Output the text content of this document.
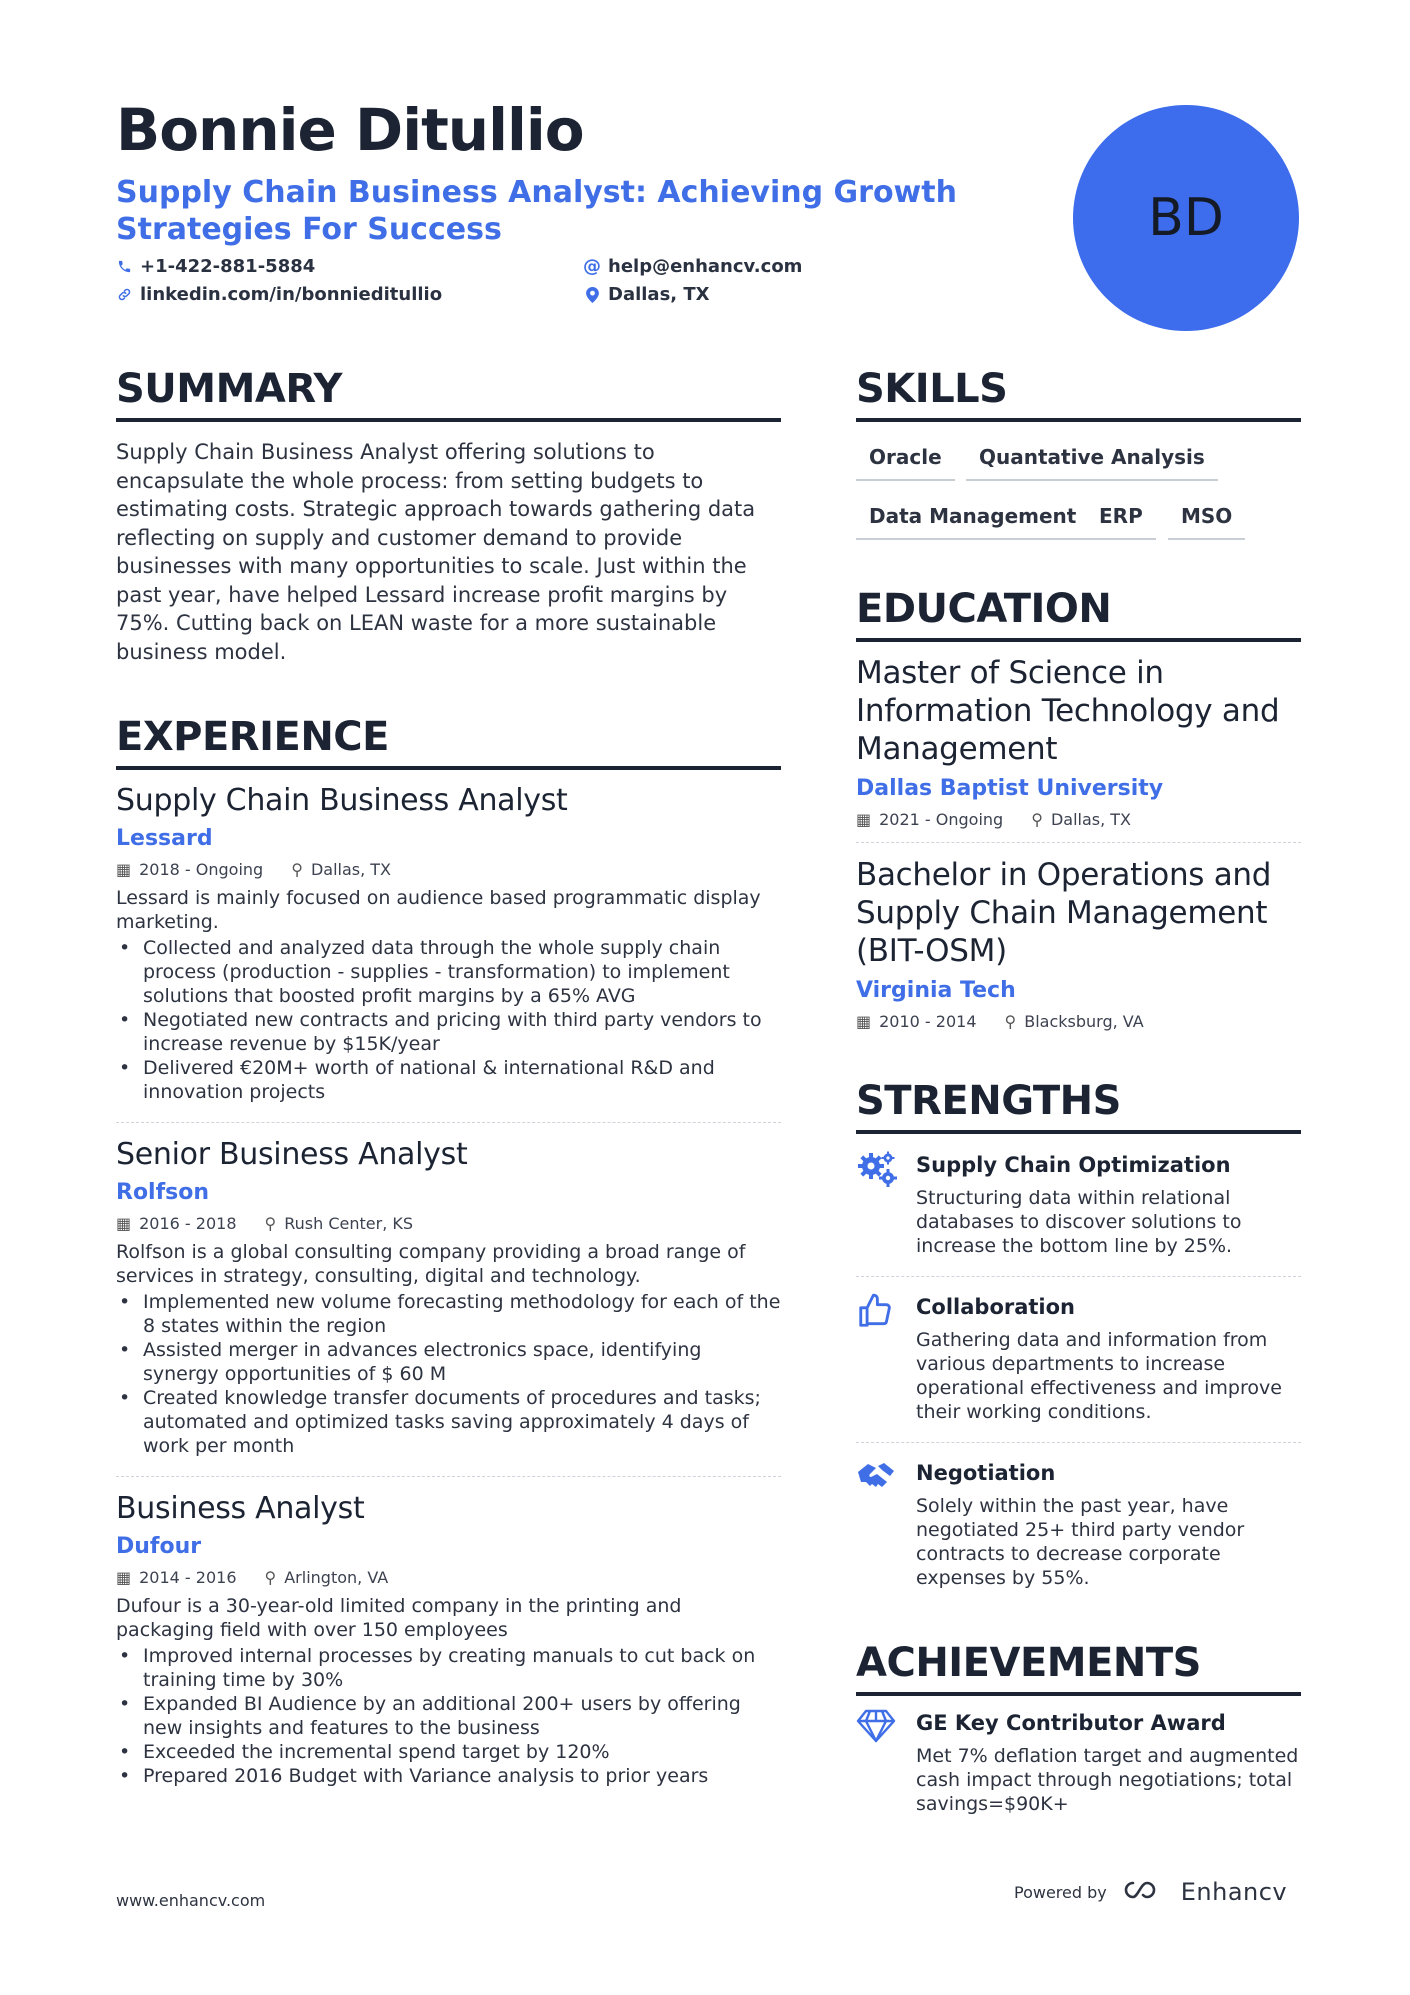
Bonnie Ditullio
Supply Chain Business Analyst: Achieving Growth Strategies For Success
+1-422-881-5884	@ help@enhancv.com
linkedin.com/in/bonnieditullio	Dallas, TX
BD
SUMMARY
Supply Chain Business Analyst offering solutions to encapsulate the whole process: from setting budgets to estimating costs. Strategic approach towards gathering data reflecting on supply and customer demand to provide businesses with many opportunities to scale. Just within the past year, have helped Lessard increase profit margins by 75%. Cutting back on LEAN waste for a more sustainable business model.
EXPERIENCE
Supply Chain Business Analyst
Lessard
▦ 2018 - Ongoing ⚲ Dallas, TX
Lessard is mainly focused on audience based programmatic display marketing.
• Collected and analyzed data through the whole supply chain process (production - supplies - transformation) to implement solutions that boosted profit margins by a 65% AVG
• Negotiated new contracts and pricing with third party vendors to increase revenue by $15K/year
• Delivered €20M+ worth of national & international R&D and innovation projects
Senior Business Analyst
Rolfson
▦ 2016 - 2018 ⚲ Rush Center, KS
Rolfson is a global consulting company providing a broad range of services in strategy, consulting, digital and technology.
• Implemented new volume forecasting methodology for each of the 8 states within the region
• Assisted merger in advances electronics space, identifying synergy opportunities of $ 60 M
• Created knowledge transfer documents of procedures and tasks; automated and optimized tasks saving approximately 4 days of work per month
Business Analyst
Dufour
▦ 2014 - 2016 ⚲ Arlington, VA
Dufour is a 30-year-old limited company in the printing and packaging field with over 150 employees
• Improved internal processes by creating manuals to cut back on training time by 30%
• Expanded BI Audience by an additional 200+ users by offering new insights and features to the business
• Exceeded the incremental spend target by 120%
• Prepared 2016 Budget with Variance analysis to prior years
SKILLS
Oracle	Quantative Analysis
Data Management	ERP	MSO
EDUCATION
Master of Science in Information Technology and Management
Dallas Baptist University
▦ 2021 - Ongoing ⚲ Dallas, TX
Bachelor in Operations and Supply Chain Management (BIT-OSM)
Virginia Tech
▦ 2010 - 2014 ⚲ Blacksburg, VA
STRENGTHS
Supply Chain Optimization
Structuring data within relational databases to discover solutions to increase the bottom line by 25%.
Collaboration
Gathering data and information from various departments to increase operational effectiveness and improve their working conditions.
Negotiation
Solely within the past year, have negotiated 25+ third party vendor contracts to decrease corporate expenses by 55%.
ACHIEVEMENTS
GE Key Contributor Award
Met 7% deflation target and augmented cash impact through negotiations; total savings=$90K+
www.enhancv.com	Powered by	Enhancv
